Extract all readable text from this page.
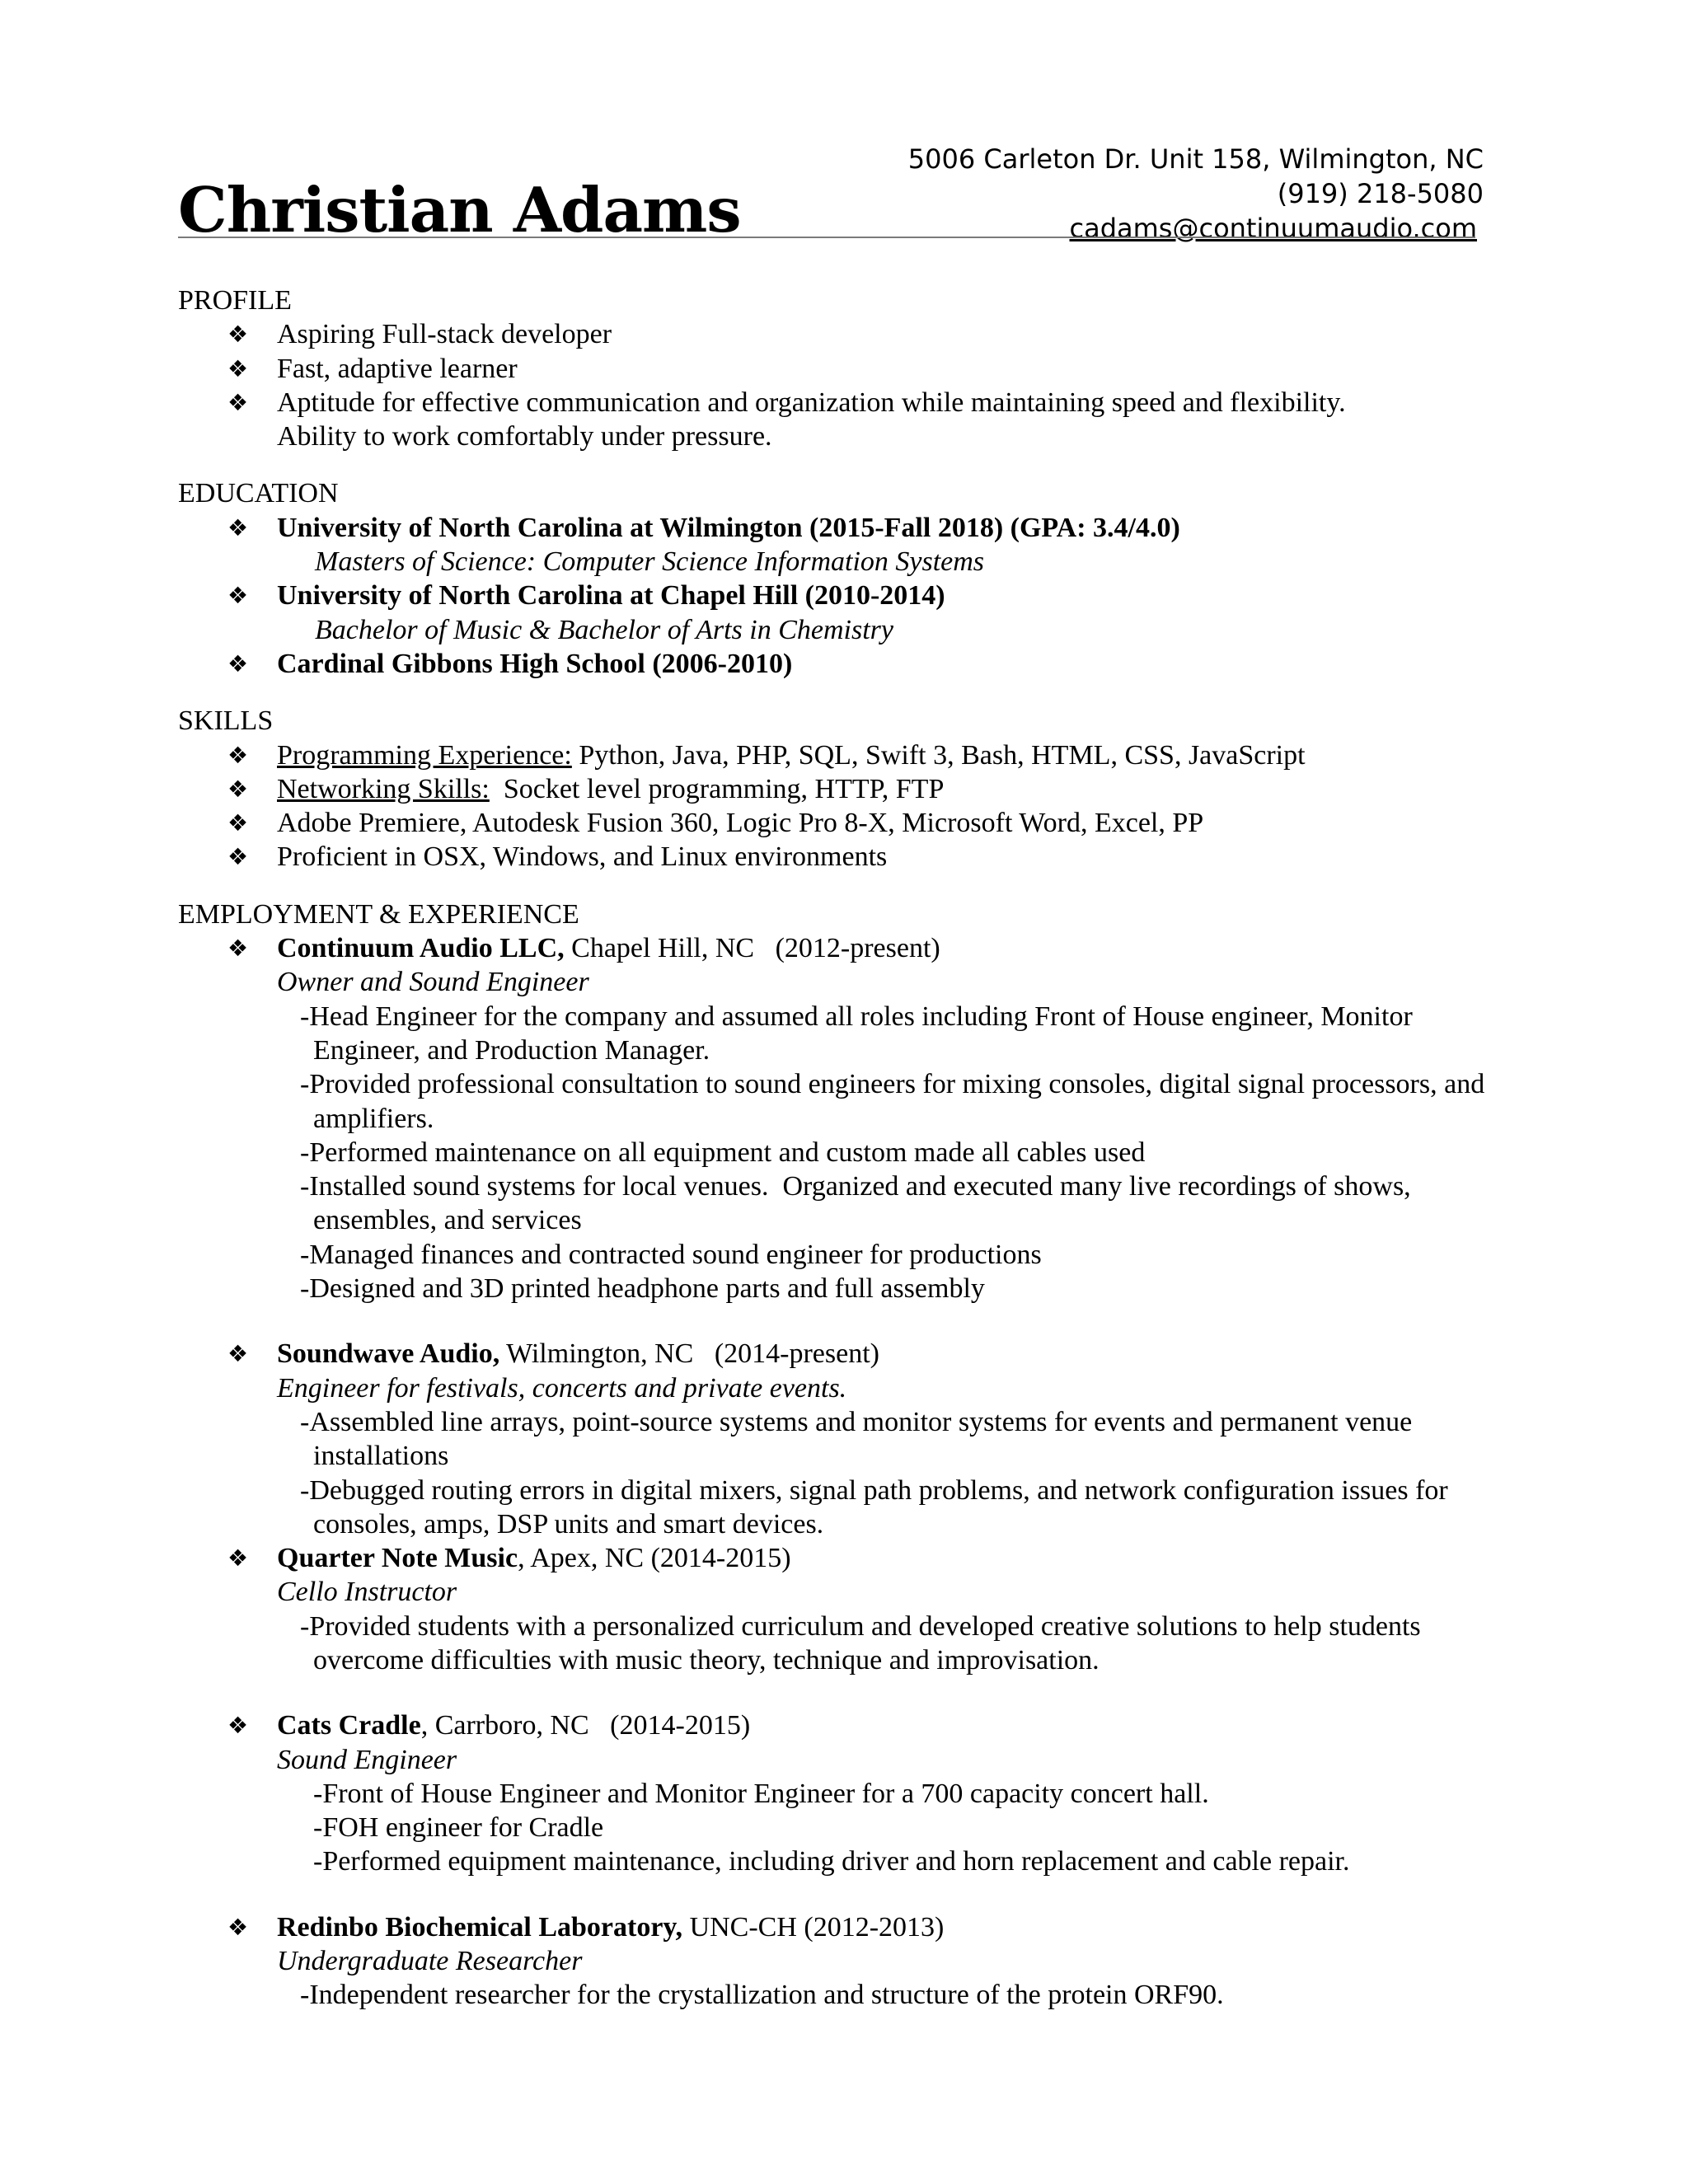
5006 Carleton Dr. Unit 158, Wilmington, NC
(919) 218-5080
cadams@continuumaudio.com
Christian Adams
PROFILE
❖ Aspiring Full-stack developer
❖ Fast, adaptive learner
❖ Aptitude for effective communication and organization while maintaining speed and flexibility.
Ability to work comfortably under pressure.
EDUCATION
❖ University of North Carolina at Wilmington (2015-Fall 2018) (GPA: 3.4/4.0)
Masters of Science: Computer Science Information Systems
❖ University of North Carolina at Chapel Hill (2010-2014)
Bachelor of Music & Bachelor of Arts in Chemistry
❖ Cardinal Gibbons High School (2006-2010)
SKILLS
❖ Programming Experience: Python, Java, PHP, SQL, Swift 3, Bash, HTML, CSS, JavaScript
❖ Networking Skills:  Socket level programming, HTTP, FTP
❖ Adobe Premiere, Autodesk Fusion 360, Logic Pro 8-X, Microsoft Word, Excel, PP
❖ Proficient in OSX, Windows, and Linux environments
EMPLOYMENT & EXPERIENCE
❖ Continuum Audio LLC, Chapel Hill, NC   (2012-present)
Owner and Sound Engineer
-Head Engineer for the company and assumed all roles including Front of House engineer, Monitor Engineer, and Production Manager.
-Provided professional consultation to sound engineers for mixing consoles, digital signal processors, and amplifiers.
-Performed maintenance on all equipment and custom made all cables used
-Installed sound systems for local venues.  Organized and executed many live recordings of shows, ensembles, and services
-Managed finances and contracted sound engineer for productions
-Designed and 3D printed headphone parts and full assembly
❖ Soundwave Audio, Wilmington, NC   (2014-present)
Engineer for festivals, concerts and private events.
-Assembled line arrays, point-source systems and monitor systems for events and permanent venue installations
-Debugged routing errors in digital mixers, signal path problems, and network configuration issues for consoles, amps, DSP units and smart devices.
❖ Quarter Note Music, Apex, NC (2014-2015)
Cello Instructor
-Provided students with a personalized curriculum and developed creative solutions to help students overcome difficulties with music theory, technique and improvisation.
❖ Cats Cradle, Carrboro, NC   (2014-2015)
Sound Engineer
-Front of House Engineer and Monitor Engineer for a 700 capacity concert hall.
-FOH engineer for Cradle
-Performed equipment maintenance, including driver and horn replacement and cable repair.
❖ Redinbo Biochemical Laboratory, UNC-CH (2012-2013)
Undergraduate Researcher
-Independent researcher for the crystallization and structure of the protein ORF90.
